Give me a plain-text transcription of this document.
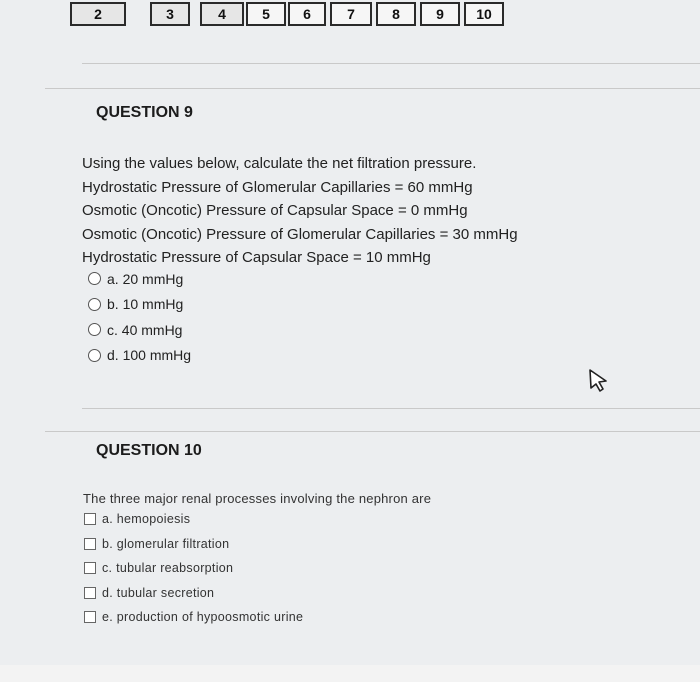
2	3	4	5 6	7	8	9 10
QUESTION 9
Using the values below, calculate the net filtration pressure.
Hydrostatic Pressure of Glomerular Capillaries = 60 mmHg
Osmotic (Oncotic) Pressure of Capsular Space = 0 mmHg
Osmotic (Oncotic) Pressure of Glomerular Capillaries = 30 mmHg
Hydrostatic Pressure of Capsular Space = 10 mmHg
a. 20 mmHg
b. 10 mmHg
c. 40 mmHg
d. 100 mmHg
QUESTION 10
The three major renal processes involving the nephron are
a. hemopoiesis
b. glomerular filtration
c. tubular reabsorption
d. tubular secretion
e. production of hypoosmotic urine
